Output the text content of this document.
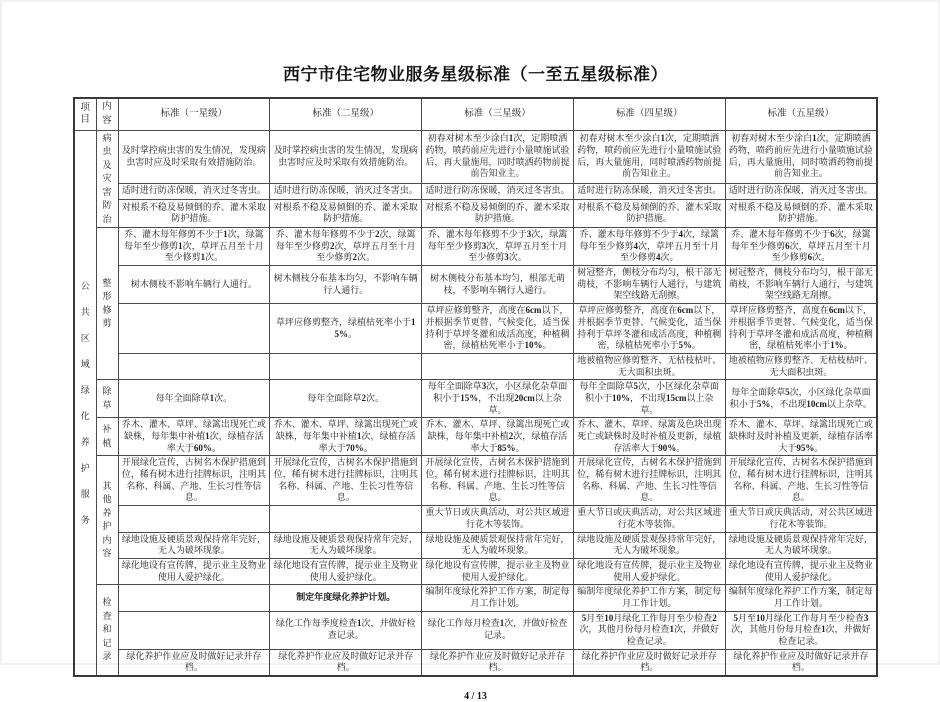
西宁市住宅物业服务星级标准（一至五星级标准）
项目	内容	标准（一星级）	标准（二星级）	标准（三星级）	标准（四星级）	标准（五星级）
公共区域绿化养护服务	病虫及灾害防治	及时掌控病虫害的发生情况，发现病虫害时应及时采取有效措施防治。	及时掌控病虫害的发生情况，发现病虫害时应及时采取有效措施防治。	初春对树木至少涂白1次，定期喷洒药物，喷药前应先进行小量喷施试验后，再大量施用，同时喷洒药物前提前告知业主。	初春对树木至少涂白1次，定期喷洒药物，喷药前应先进行小量喷施试验后，再大量施用，同时喷洒药物前提前告知业主。	初春对树木至少涂白1次，定期喷洒药物，喷药前应先进行小量喷施试验后，再大量施用，同时喷洒药物前提前告知业主。
		适时进行防冻保暖，消灭过冬害虫。	适时进行防冻保暖，消灭过冬害虫。	适时进行防冻保暖，消灭过冬害虫。	适时进行防冻保暖，消灭过冬害虫。	适时进行防冻保暖，消灭过冬害虫。
		对根系不稳及易倾倒的乔、灌木采取防护措施。	对根系不稳及易倾倒的乔、灌木采取防护措施。	对根系不稳及易倾倒的乔、灌木采取防护措施。	对根系不稳及易倾倒的乔、灌木采取防护措施。	对根系不稳及易倾倒的乔、灌木采取防护措施。
	整形修剪	乔、灌木每年修剪不少于1次，绿篱每年至少修剪1次，草坪五月至十月至少修剪1次。	乔、灌木每年修剪不少于2次，绿篱每年至少修剪2次，草坪五月至十月至少修剪2次。	乔、灌木每年修剪不少于3次，绿篱每年至少修剪3次，草坪五月至十月至少修剪3次。	乔、灌木每年修剪不少于4次，绿篱每年至少修剪4次，草坪五月至十月至少修剪4次。	乔、灌木每年修剪不少于6次，绿篱每年至少修剪6次，草坪五月至十月至少修剪6次。
		树木侧枝不影响车辆行人通行。	树木侧枝分布基本均匀，不影响车辆行人通行。	树木侧枝分布基本均匀，根部无萌枝，不影响车辆行人通行。	树冠整齐，侧枝分布均匀，根干部无萌枝，不影响车辆行人通行，与建筑架空线路无刮擦。	树冠整齐，侧枝分布均匀，根干部无萌枝，不影响车辆行人通行，与建筑架空线路无刮擦。
			草坪应修剪整齐，绿植枯死率小于15%。	草坪应修剪整齐，高度在6cm以下，并根据季节更替、气候变化，适当保持利于草坪冬灌和成活高度，种植稠密，绿植枯死率小于10%。	草坪应修剪整齐，高度在6cm以下，并根据季节更替、气候变化，适当保持利于草坪冬灌和成活高度，种植稠密，绿植枯死率小于5%。	草坪应修剪整齐，高度在6cm以下，并根据季节更替、气候变化，适当保持利于草坪冬灌和成活高度，种植稠密，绿植枯死率小于1%。
					地被植物应修剪整齐、无枯枝枯叶、无大面积虫斑。	地被植物应修剪整齐、无枯枝枯叶、无大面积虫斑。
	除草	每年全面除草1次。	每年全面除草2次。	每年全面除草3次，小区绿化杂草面积小于15%，不出现20cm以上杂草。	每年全面除草5次，小区绿化杂草面积小于10%，不出现15cm以上杂草。	每年全面除草5次，小区绿化杂草面积小于5%，不出现10cm以上杂草。
	补植	乔木、灌木、草坪、绿篱出现死亡或缺株，每年集中补植1次，绿植存活率大于60%。	乔木、灌木、草坪、绿篱出现死亡或缺株，每年集中补植1次，绿植存活率大于70%。	乔木、灌木、草坪、绿篱出现死亡或缺株，每年集中补植2次，绿植存活率大于85%。	乔木、灌木、草坪、绿篱及色块出现死亡或缺株时及时补植及更新，绿植存活率大于90%。	乔木、灌木、草坪、绿篱出现死亡或缺株时及时补植及更新，绿植存活率大于95%。
	其他养护内容	开展绿化宣传，古树名木保护措施到位，稀有树木进行挂牌标识，注明其名称、科属、产地、生长习性等信息。	开展绿化宣传，古树名木保护措施到位，稀有树木进行挂牌标识，注明其名称、科属、产地、生长习性等信息。	开展绿化宣传，古树名木保护措施到位，稀有树木进行挂牌标识，注明其名称、科属、产地、生长习性等信息。	开展绿化宣传，古树名木保护措施到位，稀有树木进行挂牌标识，注明其名称、科属、产地、生长习性等信息。	开展绿化宣传，古树名木保护措施到位，稀有树木进行挂牌标识，注明其名称、科属、产地、生长习性等信息。
				重大节日或庆典活动，对公共区域进行花木等装饰。	重大节日或庆典活动，对公共区域进行花木等装饰。	重大节日或庆典活动，对公共区域进行花木等装饰。
		绿地设施及硬质景观保持常年完好，无人为破坏现象。	绿地设施及硬质景观保持常年完好，无人为破坏现象。	绿地设施及硬质景观保持常年完好，无人为破坏现象。	绿地设施及硬质景观保持常年完好，无人为破坏现象。	绿地设施及硬质景观保持常年完好，无人为破坏现象。
		绿化地设有宣传牌，提示业主及物业使用人爱护绿化。	绿化地设有宣传牌，提示业主及物业使用人爱护绿化。	绿化地设有宣传牌，提示业主及物业使用人爱护绿化。	绿化地设有宣传牌，提示业主及物业使用人爱护绿化。	绿化地设有宣传牌，提示业主及物业使用人爱护绿化。
	检查和记录		制定年度绿化养护计划。	编制年度绿化养护工作方案，制定每月工作计划。	编制年度绿化养护工作方案，制定每月工作计划。	编制年度绿化养护工作方案，制定每月工作计划。
			绿化工作每季度检查1次，并做好检查记录。	绿化工作每月检查1次，并做好检查记录。	5月至10月绿化工作每月至少检查2次，其他月份每月检查1次，并做好检查记录。	5月至10月绿化工作每月至少检查3次，其他月份每月检查1次，并做好检查记录。
		绿化养护作业应及时做好记录并存档。	绿化养护作业应及时做好记录并存档。	绿化养护作业应及时做好记录并存档。	绿化养护作业应及时做好记录并存档。	绿化养护作业应及时做好记录并存档。
4 / 13
